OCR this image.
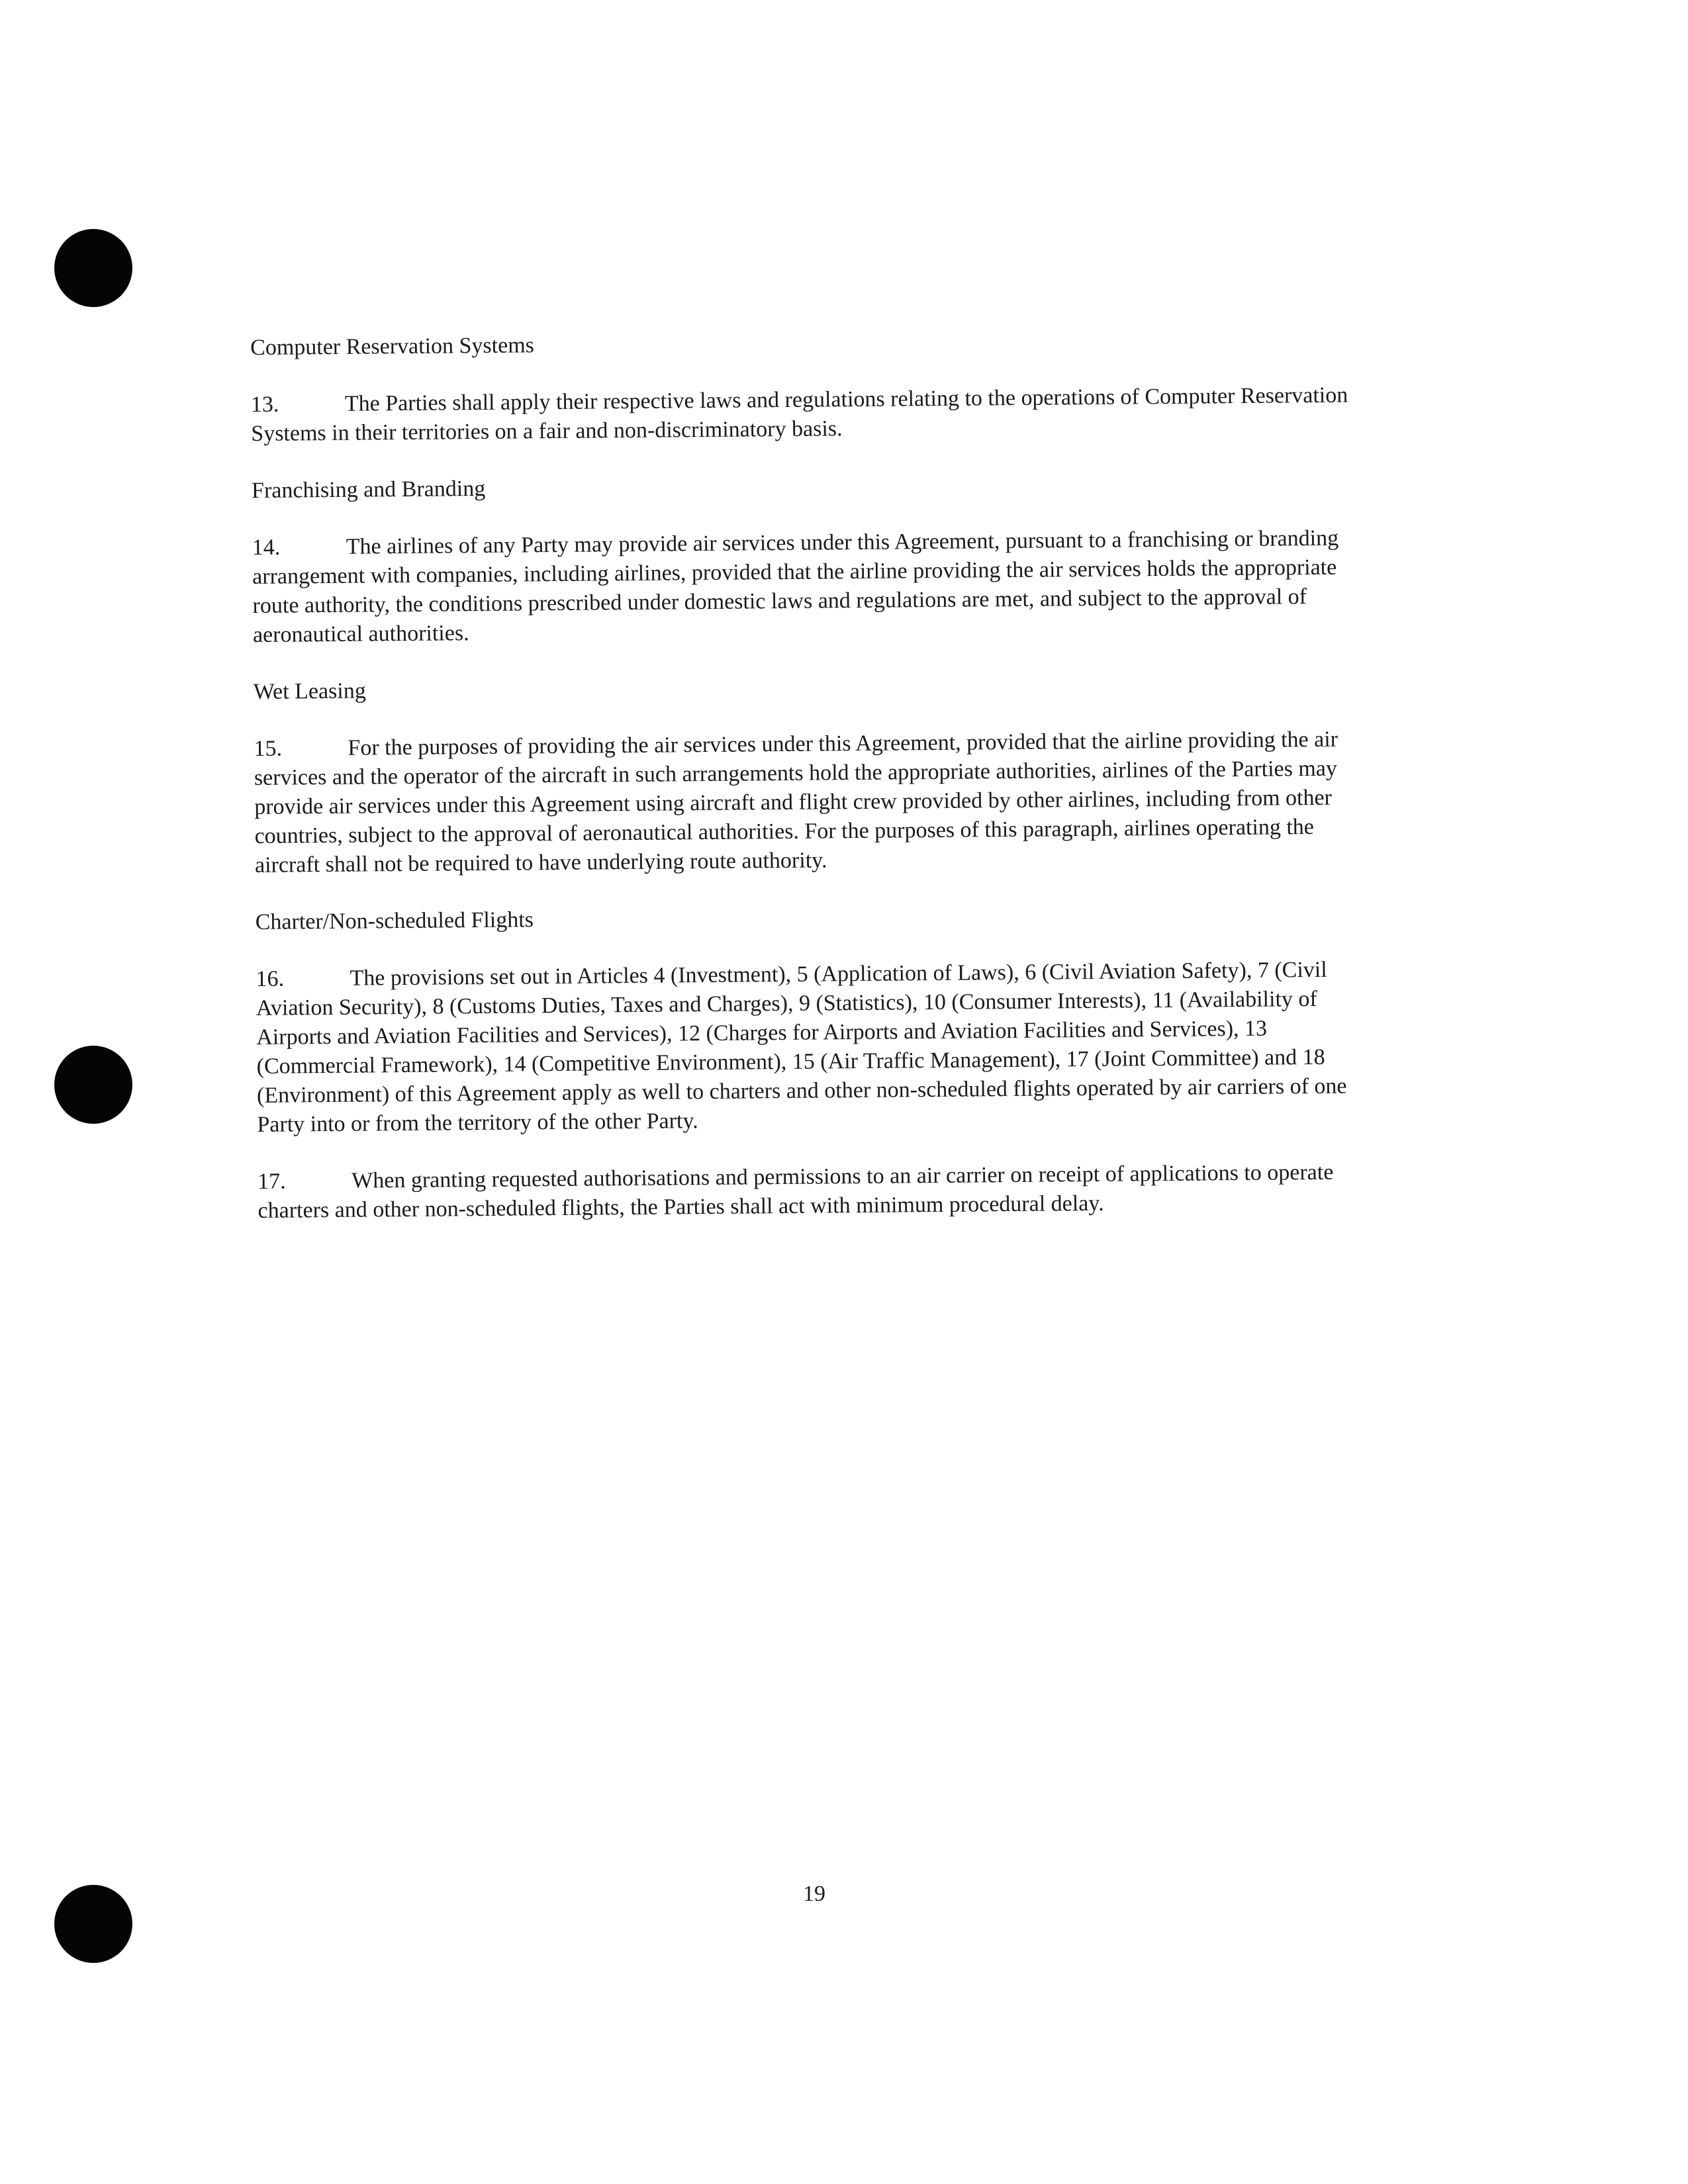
Computer Reservation Systems

13.	The Parties shall apply their respective laws and regulations relating to the operations of Computer Reservation Systems in their territories on a fair and non-discriminatory basis.

Franchising and Branding

14.	The airlines of any Party may provide air services under this Agreement, pursuant to a franchising or branding arrangement with companies, including airlines, provided that the airline providing the air services holds the appropriate route authority, the conditions prescribed under domestic laws and regulations are met, and subject to the approval of aeronautical authorities.

Wet Leasing

15.	For the purposes of providing the air services under this Agreement, provided that the airline providing the air services and the operator of the aircraft in such arrangements hold the appropriate authorities, airlines of the Parties may provide air services under this Agreement using aircraft and flight crew provided by other airlines, including from other countries, subject to the approval of aeronautical authorities. For the purposes of this paragraph, airlines operating the aircraft shall not be required to have underlying route authority.

Charter/Non-scheduled Flights

16.	The provisions set out in Articles 4 (Investment), 5 (Application of Laws), 6 (Civil Aviation Safety), 7 (Civil Aviation Security), 8 (Customs Duties, Taxes and Charges), 9 (Statistics), 10 (Consumer Interests), 11 (Availability of Airports and Aviation Facilities and Services), 12 (Charges for Airports and Aviation Facilities and Services), 13 (Commercial Framework), 14 (Competitive Environment), 15 (Air Traffic Management), 17 (Joint Committee) and 18 (Environment) of this Agreement apply as well to charters and other non-scheduled flights operated by air carriers of one Party into or from the territory of the other Party.

17.	When granting requested authorisations and permissions to an air carrier on receipt of applications to operate charters and other non-scheduled flights, the Parties shall act with minimum procedural delay.

19
